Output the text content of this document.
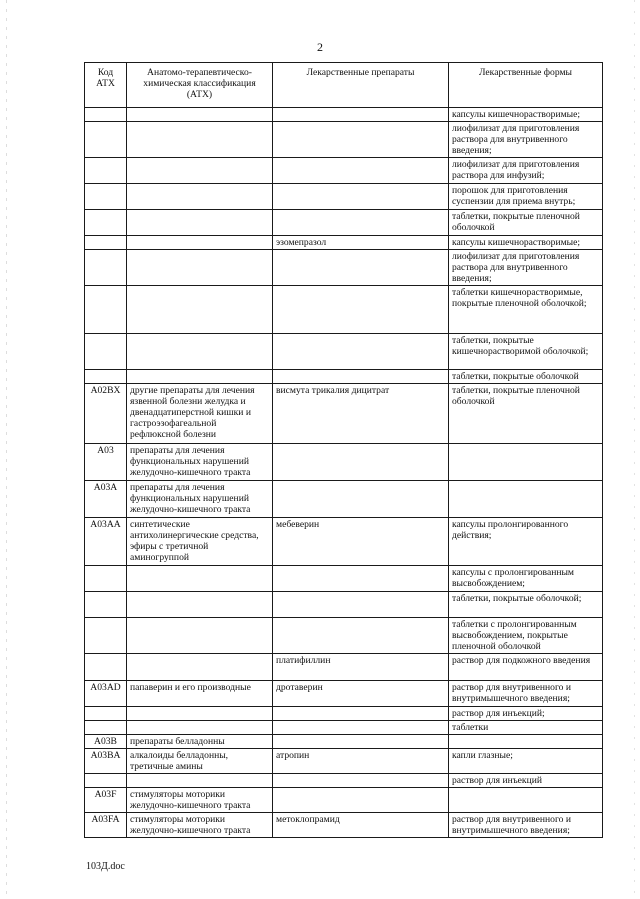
2
Код АТХ	Анатомо-терапевтическо-химическая классификация (АТХ)	Лекарственные препараты	Лекарственные формы
			капсулы кишечнорастворимые;
			лиофилизат для приготовления раствора для внутривенного введения;
			лиофилизат для приготовления раствора для инфузий;
			порошок для приготовления суспензии для приема внутрь;
			таблетки, покрытые пленочной оболочкой
		эзомепразол	капсулы кишечнорастворимые;
			лиофилизат для приготовления раствора для внутривенного введения;
			таблетки кишечнорастворимые, покрытые пленочной оболочкой;
			таблетки, покрытые кишечнорастворимой оболочкой;
			таблетки, покрытые оболочкой
A02BX	другие препараты для лечения язвенной болезни желудка и двенадцатиперстной кишки и гастроэзофагеальной рефлюксной болезни	висмута трикалия дицитрат	таблетки, покрытые пленочной оболочкой
A03	препараты для лечения функциональных нарушений желудочно-кишечного тракта		
A03A	препараты для лечения функциональных нарушений желудочно-кишечного тракта		
A03AA	синтетические антихолинергические средства, эфиры с третичной аминогруппой	мебеверин	капсулы пролонгированного действия;
			капсулы с пролонгированным высвобождением;
			таблетки, покрытые оболочкой;
			таблетки с пролонгированным высвобождением, покрытые пленочной оболочкой
		платифиллин	раствор для подкожного введения
A03AD	папаверин и его производные	дротаверин	раствор для внутривенного и внутримышечного введения;
			раствор для инъекций;
			таблетки
A03B	препараты белладонны		
A03BA	алкалоиды белладонны, третичные амины	атропин	капли глазные;
			раствор для инъекций
A03F	стимуляторы моторики желудочно-кишечного тракта		
A03FA	стимуляторы моторики желудочно-кишечного тракта	метоклопрамид	раствор для внутривенного и внутримышечного введения;
103Д.doc
